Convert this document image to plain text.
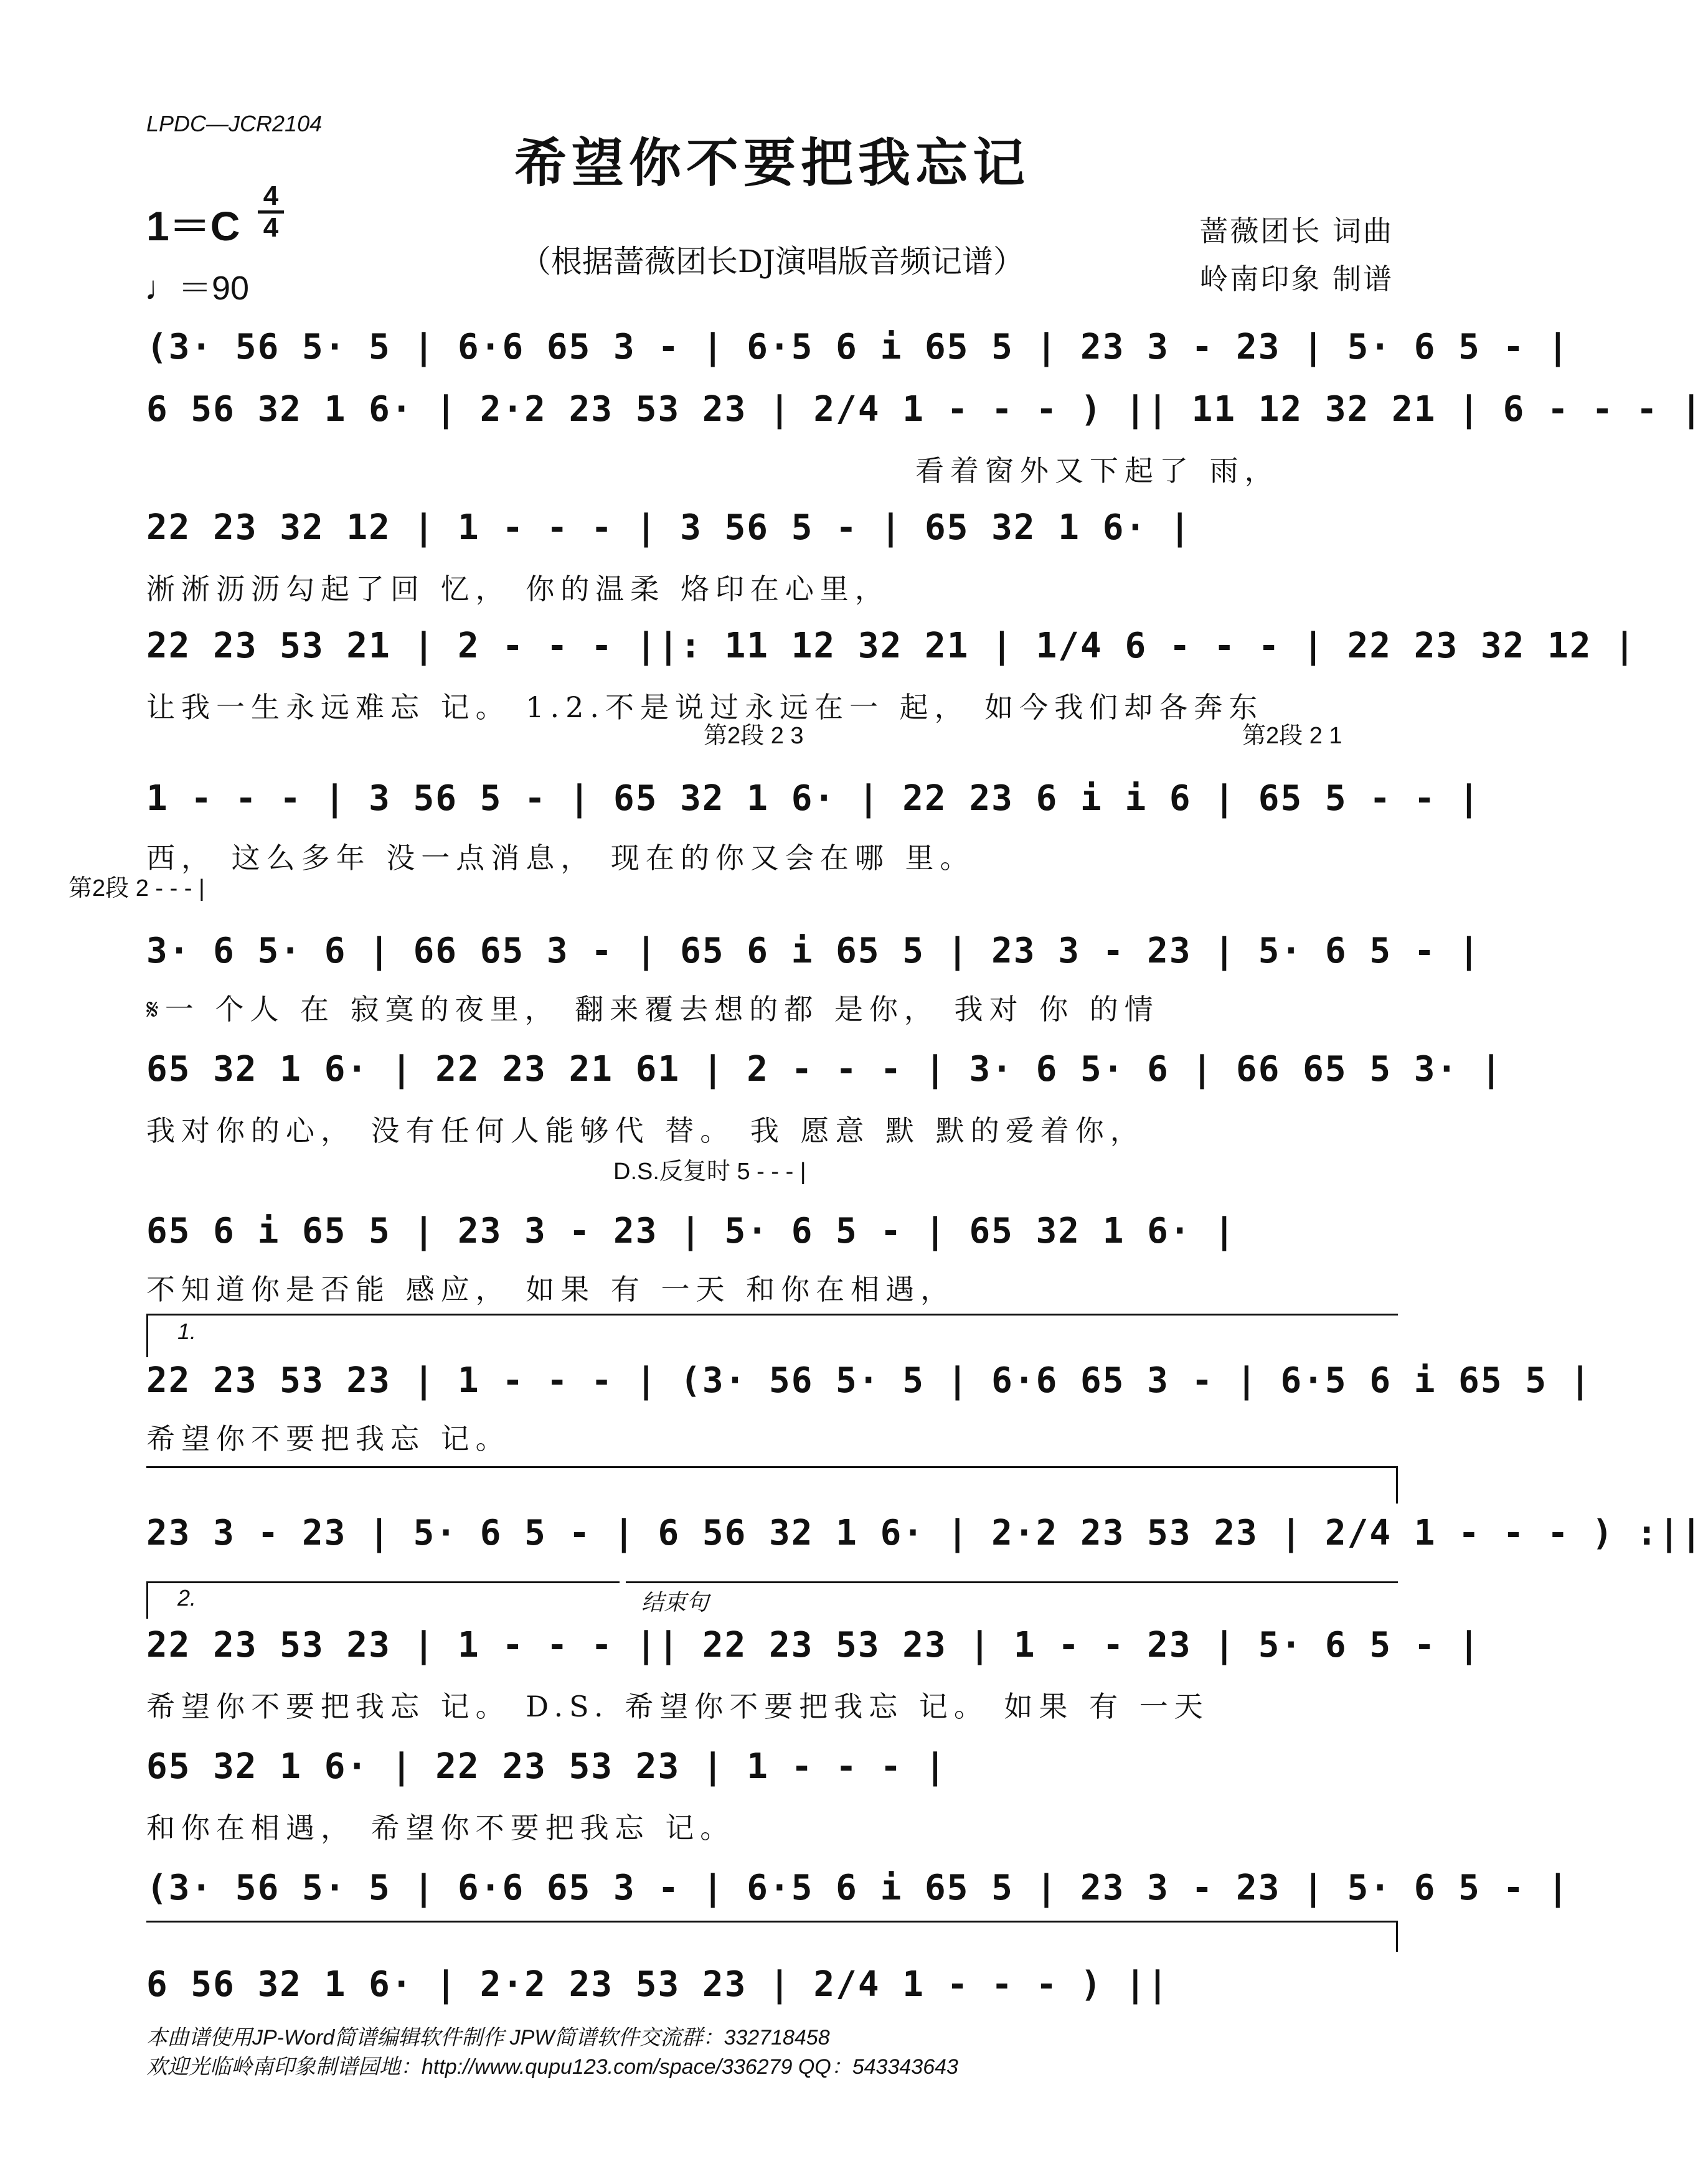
LPDC—JCR2104
希望你不要把我忘记
1＝C
4
4
♩＝90
（根据蔷薇团长DJ演唱版音频记谱）
蔷薇团长 词曲
岭南印象 制谱
(3· 56 5· 5 | 6·6 65 3 - | 6·5 6 i 65 5 | 23 3 - 23 | 5· 6 5 - |
6 56 32 1 6· | 2·2 23 53 23 | 2/4 1 - - - ) || 11 12 32 21 | 6 - - - |
看着窗外又下起了 雨，
22 23 32 12 | 1 - - - | 3 56 5 - | 65 32 1 6· |
淅淅沥沥勾起了回 忆， 你的温柔 烙印在心里，
22 23 53 21 | 2 - - - ||: 11 12 32 21 | 1/4 6 - - - | 22 23 32 12 |
让我一生永远难忘 记。 1.2.不是说过永远在一 起， 如今我们却各奔东
第2段 2 3	第2段 2 1
1 - - - | 3 56 5 - | 65 32 1 6· | 22 23 6 i i 6 | 65 5 - - |
西， 这么多年 没一点消息， 现在的你又会在哪 里。
第2段 2 - - - |
3· 6 5· 6 | 66 65 3 - | 65 6 i 65 5 | 23 3 - 23 | 5· 6 5 - |
𝄋一 个人 在 寂寞的夜里， 翻来覆去想的都 是你， 我对 你 的情
65 32 1 6· | 22 23 21 61 | 2 - - - | 3· 6 5· 6 | 66 65 5 3· |
我对你的心， 没有任何人能够代 替。 我 愿意 默 默的爱着你，
D.S.反复时 5 - - - |
65 6 i 65 5 | 23 3 - 23 | 5· 6 5 - | 65 32 1 6· |
不知道你是否能 感应， 如果 有 一天 和你在相遇，
1.
22 23 53 23 | 1 - - - | (3· 56 5· 5 | 6·6 65 3 - | 6·5 6 i 65 5 |
希望你不要把我忘 记。
23 3 - 23 | 5· 6 5 - | 6 56 32 1 6· | 2·2 23 53 23 | 2/4 1 - - - ) :||
2.	结束句
22 23 53 23 | 1 - - - || 22 23 53 23 | 1 - - 23 | 5· 6 5 - |
希望你不要把我忘 记。 D.S. 希望你不要把我忘 记。 如果 有 一天
65 32 1 6· | 22 23 53 23 | 1 - - - |
和你在相遇， 希望你不要把我忘 记。
(3· 56 5· 5 | 6·6 65 3 - | 6·5 6 i 65 5 | 23 3 - 23 | 5· 6 5 - |
6 56 32 1 6· | 2·2 23 53 23 | 2/4 1 - - - ) ||
本曲谱使用JP-Word简谱编辑软件制作 JPW简谱软件交流群：332718458
欢迎光临岭南印象制谱园地：http://www.qupu123.com/space/336279 QQ：543343643
